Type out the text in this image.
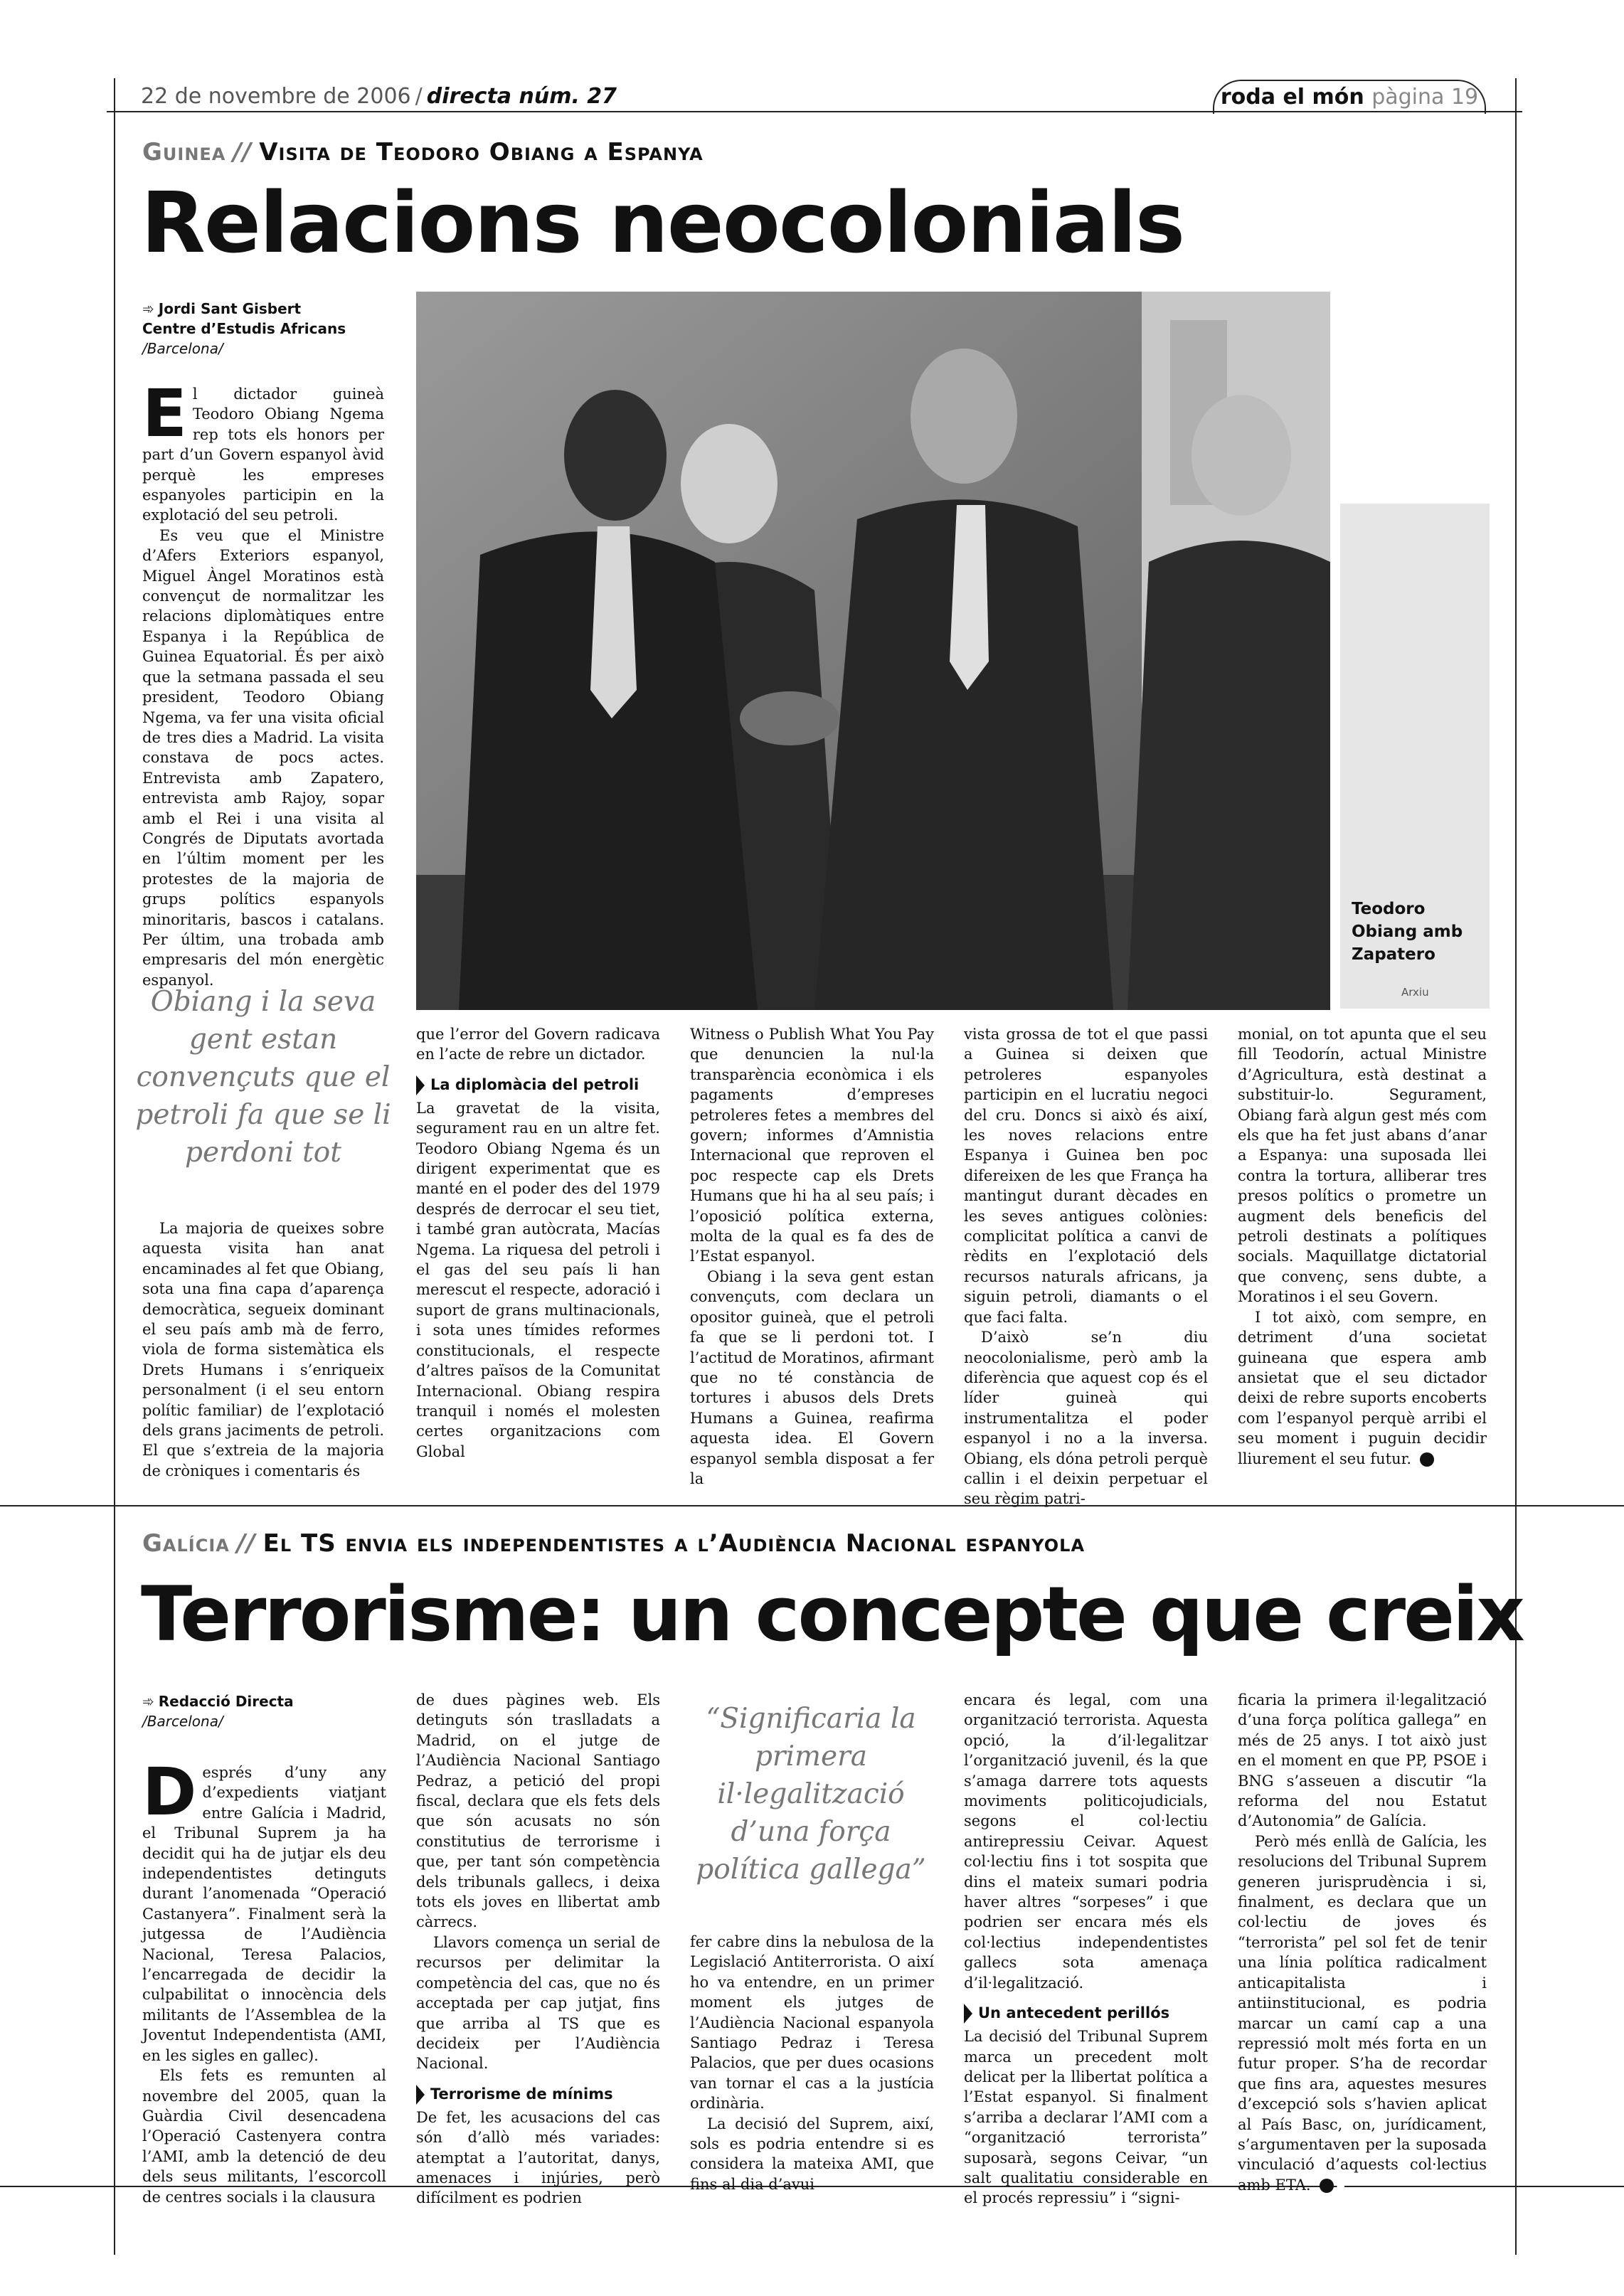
22 de novembre de 2006 / directa núm. 27	roda el món pàgina 19
Guinea // Visita de Teodoro Obiang a Espanya
Relacions neocolonials
➾ Jordi Sant Gisbert
Centre d’Estudis Africans
/Barcelona/

El dictador guineà Teodoro Obiang Ngema rep tots els honors per part d’un Govern espanyol àvid perquè les empreses espanyoles participin en la explotació del seu petroli.

Es veu que el Ministre d’Afers Exteriors espanyol, Miguel Àngel Moratinos està convençut de normalitzar les relacions diplomàtiques entre Espanya i la República de Guinea Equatorial. És per això que la setmana passada el seu president, Teodoro Obiang Ngema, va fer una visita oficial de tres dies a Madrid. La visita constava de pocs actes. Entrevista amb Zapatero, entrevista amb Rajoy, sopar amb el Rei i una visita al Congrés de Diputats avortada en l’últim moment per les protestes de la majoria de grups polítics espanyols minoritaris, bascos i catalans. Per últim, una trobada amb empresaris del món energètic espanyol.

Obiang i la seva gent estan convençuts que el petroli fa que se li perdoni tot

La majoria de queixes sobre aquesta visita han anat encaminades al fet que Obiang, sota una fina capa d’aparença democràtica, segueix dominant el seu país amb mà de ferro, viola de forma sistemàtica els Drets Humans i s’enriqueix personalment (i el seu entorn polític familiar) de l’explotació dels grans jaciments de petroli. El que s’extreia de la majoria de cròniques i comentaris és

Teodoro Obiang amb Zapatero
Arxiu

que l’error del Govern radicava en l’acte de rebre un dictador.

La diplomàcia del petroli

La gravetat de la visita, segurament rau en un altre fet. Teodoro Obiang Ngema és un dirigent experimentat que es manté en el poder des del 1979 després de derrocar el seu tiet, i també gran autòcrata, Macías Ngema. La riquesa del petroli i el gas del seu país li han merescut el respecte, adoració i suport de grans multinacionals, i sota unes tímides reformes constitucionals, el respecte d’altres països de la Comunitat Internacional. Obiang respira tranquil i només el molesten certes organitzacions com Global

Witness o Publish What You Pay que denuncien la nul·la transparència econòmica i els pagaments d’empreses petroleres fetes a membres del govern; informes d’Amnistia Internacional que reproven el poc respecte cap els Drets Humans que hi ha al seu país; i l’oposició política externa, molta de la qual es fa des de l’Estat espanyol.

Obiang i la seva gent estan convençuts, com declara un opositor guineà, que el petroli fa que se li perdoni tot. I l’actitud de Moratinos, afirmant que no té constància de tortures i abusos dels Drets Humans a Guinea, reafirma aquesta idea. El Govern espanyol sembla disposat a fer la

vista grossa de tot el que passi a Guinea si deixen que petroleres espanyoles participin en el lucratiu negoci del cru. Doncs si això és així, les noves relacions entre Espanya i Guinea ben poc difereixen de les que França ha mantingut durant dècades en les seves antigues colònies: complicitat política a canvi de rèdits en l’explotació dels recursos naturals africans, ja siguin petroli, diamants o el que faci falta.

D’això se’n diu neocolonialisme, però amb la diferència que aquest cop és el líder guineà qui instrumentalitza el poder espanyol i no a la inversa. Obiang, els dóna petroli perquè callin i el deixin perpetuar el seu règim patri-

monial, on tot apunta que el seu fill Teodorín, actual Ministre d’Agricultura, està destinat a substituir-lo. Segurament, Obiang farà algun gest més com els que ha fet just abans d’anar a Espanya: una suposada llei contra la tortura, alliberar tres presos polítics o prometre un augment dels beneficis del petroli destinats a polítiques socials. Maquillatge dictatorial que convenç, sens dubte, a Moratinos i el seu Govern.

I tot això, com sempre, en detriment d’una societat guineana que espera amb ansietat que el seu dictador deixi de rebre suports encoberts com l’espanyol perquè arribi el seu moment i puguin decidir lliurement el seu futur.	●

Galícia // El TS envia els independentistes a l’Audiència Nacional espanyola
Terrorisme: un concepte que creix
➾ Redacció Directa
/Barcelona/

Després d’uny any d’expedients viatjant entre Galícia i Madrid, el Tribunal Suprem ja ha decidit qui ha de jutjar els deu independentistes detinguts durant l’anomenada “Operació Castanyera”. Finalment serà la jutgessa de l’Audiència Nacional, Teresa Palacios, l’encarregada de decidir la culpabilitat o innocència dels militants de l’Assemblea de la Joventut Independentista (AMI, en les sigles en gallec).

Els fets es remunten al novembre del 2005, quan la Guàrdia Civil desencadena l’Operació Castenyera contra l’AMI, amb la detenció de deu dels seus militants, l’escorcoll de centres socials i la clausura

de dues pàgines web. Els detinguts són traslladats a Madrid, on el jutge de l’Audiència Nacional Santiago Pedraz, a petició del propi fiscal, declara que els fets dels que són acusats no són constitutius de terrorisme i que, per tant són competència dels tribunals gallecs, i deixa tots els joves en llibertat amb càrrecs.

Llavors comença un serial de recursos per delimitar la competència del cas, que no és acceptada per cap jutjat, fins que arriba al TS que es decideix per l’Audiència Nacional.

Terrorisme de mínims

De fet, les acusacions del cas són d’allò més variades: atemptat a l’autoritat, danys, amenaces i injúries, però difícilment es podrien

“Significaria la primera il·legalització d’una força política gallega”

fer cabre dins la nebulosa de la Legislació Antiterrorista. O així ho va entendre, en un primer moment els jutges de l’Audiència Nacional espanyola Santiago Pedraz i Teresa Palacios, que per dues ocasions van tornar el cas a la justícia ordinària.

La decisió del Suprem, així, sols es podria entendre si es considera la mateixa AMI, que fins al dia d’avui

encara és legal, com una organització terrorista. Aquesta opció, la d’il·legalitzar l’organització juvenil, és la que s’amaga darrere tots aquests moviments politicojudicials, segons el col·lectiu antirepressiu Ceivar. Aquest col·lectiu fins i tot sospita que dins el mateix sumari podria haver altres “sorpeses” i que podrien ser encara més els col·lectius independentistes gallecs sota amenaça d’il·legalització.

Un antecedent perillós

La decisió del Tribunal Suprem marca un precedent molt delicat per la llibertat política a l’Estat espanyol. Si finalment s’arriba a declarar l’AMI com a “organització terrorista” suposarà, segons Ceivar, “un salt qualitatiu considerable en el procés repressiu” i “signi-

ficaria la primera il·legalització d’una força política gallega” en més de 25 anys. I tot això just en el moment en que PP, PSOE i BNG s’asseuen a discutir “la reforma del nou Estatut d’Autonomia” de Galícia.

Però més enllà de Galícia, les resolucions del Tribunal Suprem generen jurisprudència i si, finalment, es declara que un col·lectiu de joves és “terrorista” pel sol fet de tenir una línia política radicalment anticapitalista i antiinstitucional, es podria marcar un camí cap a una repressió molt més forta en un futur proper. S’ha de recordar que fins ara, aquestes mesures d’excepció sols s’havien aplicat al País Basc, on, jurídicament, s’argumentaven per la suposada vinculació d’aquests col·lectius amb ETA.	●
